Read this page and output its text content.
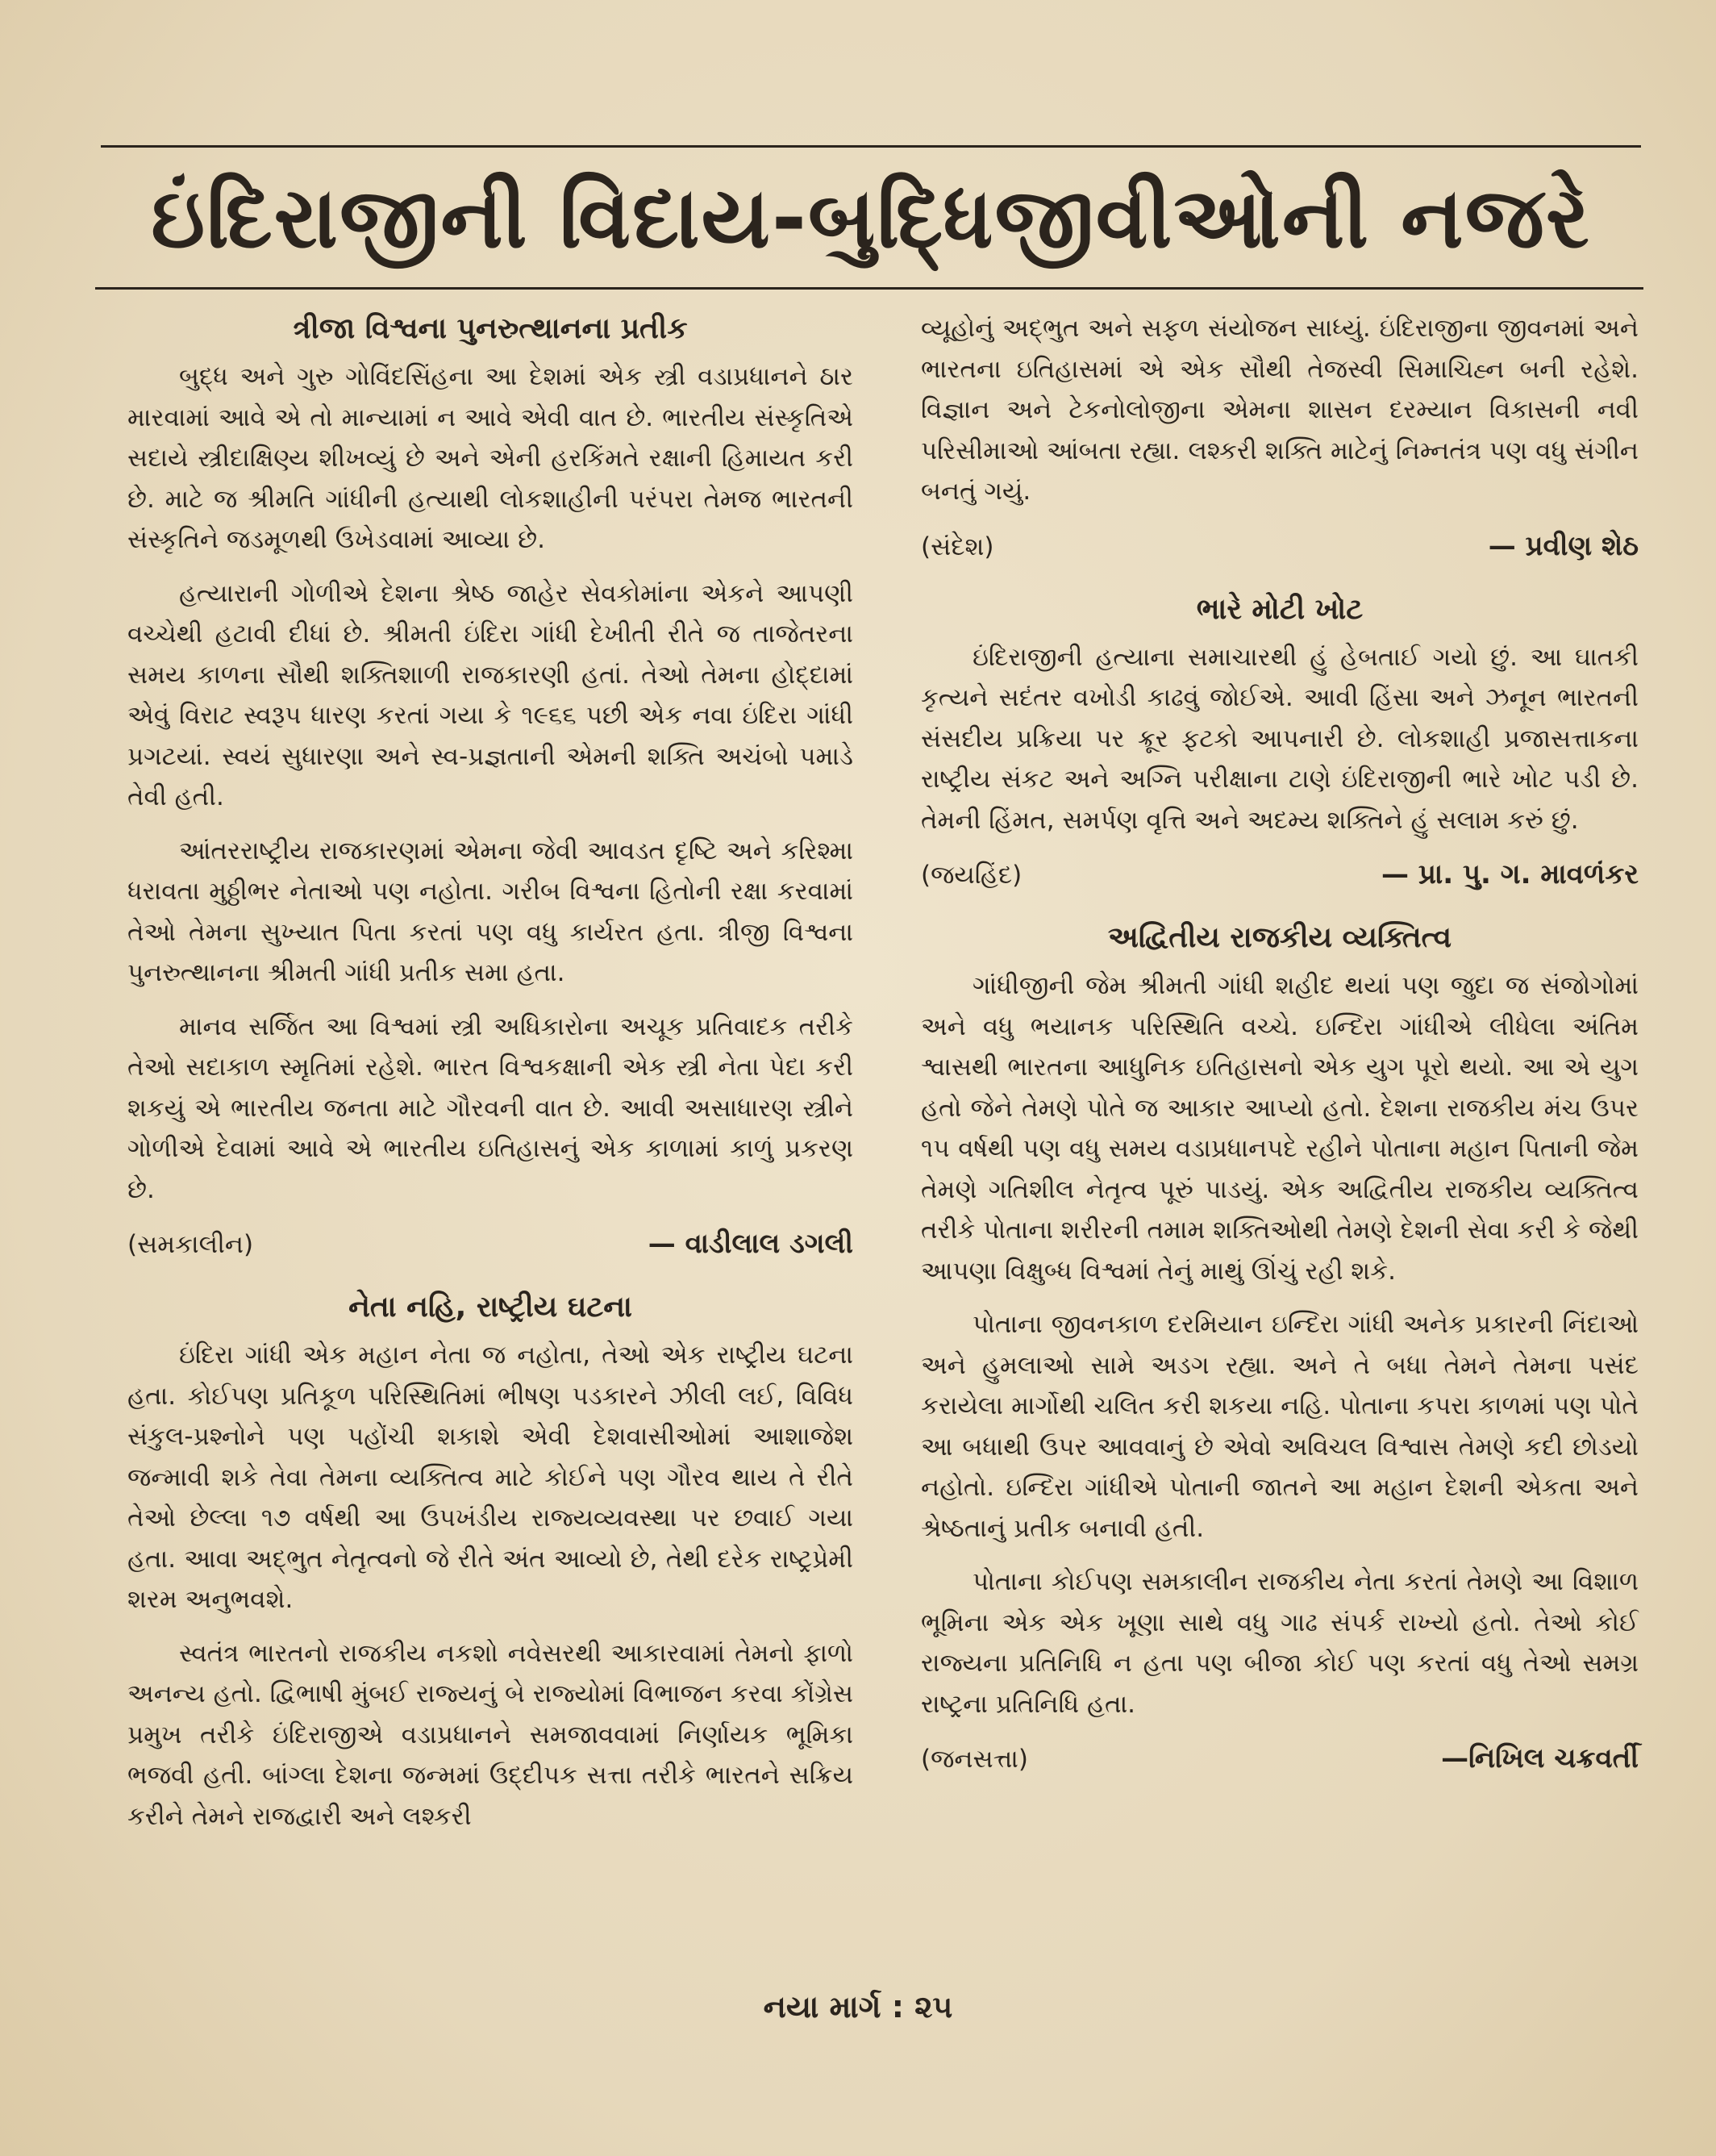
ઇંદિરાજીની વિદાય-બુદ્ધિજીવીઓની નજરે
ત્રીજા વિશ્વના પુનરુત્થાનના પ્રતીક

બુદ્ધ અને ગુરુ ગોવિંદસિંહના આ દેશમાં એક સ્ત્રી વડાપ્રધાનને ઠાર મારવામાં આવે એ તો માન્યામાં ન આવે એવી વાત છે. ભારતીય સંસ્કૃતિએ સદાયે સ્ત્રીદાક્ષિણ્ય શીખવ્યું છે અને એની હરકિંમતે રક્ષાની હિમાયત કરી છે. માટે જ શ્રીમતિ ગાંધીની હત્યાથી લોકશાહીની પરંપરા તેમજ ભારતની સંસ્કૃતિને જડમૂળથી ઉખેડવામાં આવ્યા છે.

હત્યારાની ગોળીએ દેશના શ્રેષ્ઠ જાહેર સેવકોમાંના એકને આપણી વચ્ચેથી હટાવી દીધાં છે. શ્રીમતી ઇંદિરા ગાંધી દેખીતી રીતે જ તાજેતરના સમય કાળના સૌથી શક્તિશાળી રાજકારણી હતાં. તેઓ તેમના હોદ્દામાં એવું વિરાટ સ્વરૂપ ધારણ કરતાં ગયા કે ૧૯૬૬ પછી એક નવા ઇંદિરા ગાંધી પ્રગટયાં. સ્વયં સુધારણા અને સ્વ-પ્રજ્ઞતાની એમની શક્તિ અચંબો પમાડે તેવી હતી.

આંતરરાષ્ટ્રીય રાજકારણમાં એમના જેવી આવડત દૃષ્ટિ અને કરિશ્મા ધરાવતા મુઠ્ઠીભર નેતાઓ પણ નહોતા. ગરીબ વિશ્વના હિતોની રક્ષા કરવામાં તેઓ તેમના સુખ્યાત પિતા કરતાં પણ વધુ કાર્યરત હતા. ત્રીજી વિશ્વના પુનરુત્થાનના શ્રીમતી ગાંધી પ્રતીક સમા હતા.

માનવ સર્જિત આ વિશ્વમાં સ્ત્રી અધિકારોના અચૂક પ્રતિવાદક તરીકે તેઓ સદાકાળ સ્મૃતિમાં રહેશે. ભારત વિશ્વકક્ષાની એક સ્ત્રી નેતા પેદા કરી શકયું એ ભારતીય જનતા માટે ગૌરવની વાત છે. આવી અસાધારણ સ્ત્રીને ગોળીએ દેવામાં આવે એ ભારતીય ઇતિહાસનું એક કાળામાં કાળું પ્રકરણ છે.

(સમકાલીન)	— વાડીલાલ ડગલી
નેતા નહિ, રાષ્ટ્રીય ઘટના

ઇંદિરા ગાંધી એક મહાન નેતા જ નહોતા, તેઓ એક રાષ્ટ્રીય ઘટના હતા. કોઈપણ પ્રતિકૂળ પરિસ્થિતિમાં ભીષણ પડકારને ઝીલી લઈ, વિવિધ સંકુલ-પ્રશ્નોને પણ પહોંચી શકાશે એવી દેશવાસીઓમાં આશાજેશ જન્માવી શકે તેવા તેમના વ્યક્તિત્વ માટે કોઈને પણ ગૌરવ થાય તે રીતે તેઓ છેલ્લા ૧૭ વર્ષથી આ ઉપખંડીય રાજ્યવ્યવસ્થા પર છવાઈ ગયા હતા. આવા અદ્ભુત નેતૃત્વનો જે રીતે અંત આવ્યો છે, તેથી દરેક રાષ્ટ્રપ્રેમી શરમ અનુભવશે.

સ્વતંત્ર ભારતનો રાજકીય નકશો નવેસરથી આકારવામાં તેમનો ફાળો અનન્ય હતો. દ્વિભાષી મુંબઈ રાજ્યનું બે રાજ્યોમાં વિભાજન કરવા કોંગ્રેસ પ્રમુખ તરીકે ઇંદિરાજીએ વડાપ્રધાનને સમજાવવામાં નિર્ણાયક ભૂમિકા ભજવી હતી. બાંગ્લા દેશના જન્મમાં ઉદ્દીપક સત્તા તરીકે ભારતને સક્રિય કરીને તેમને રાજદ્વારી અને લશ્કરી

વ્યૂહોનું અદ્ભુત અને સફળ સંયોજન સાધ્યું. ઇંદિરાજીના જીવનમાં અને ભારતના ઇતિહાસમાં એ એક સૌથી તેજસ્વી સિમાચિહ્ન બની રહેશે. વિજ્ઞાન અને ટેકનોલોજીના એમના શાસન દરમ્યાન વિકાસની નવી પરિસીમાઓ આંબતા રહ્યા. લશ્કરી શક્તિ માટેનું નિમ્નતંત્ર પણ વધુ સંગીન બનતું ગયું.

(સંદેશ)	— પ્રવીણ શેઠ
ભારે મોટી ખોટ

ઇંદિરાજીની હત્યાના સમાચારથી હું હેબતાઈ ગયો છું. આ ઘાતકી કૃત્યને સદંતર વખોડી કાઢવું જોઈએ. આવી હિંસા અને ઝનૂન ભારતની સંસદીય પ્રક્રિયા પર ક્રૂર ફટકો આપનારી છે. લોકશાહી પ્રજાસત્તાકના રાષ્ટ્રીય સંકટ અને અગ્નિ પરીક્ષાના ટાણે ઇંદિરાજીની ભારે ખોટ પડી છે. તેમની હિંમત, સમર્પણ વૃત્તિ અને અદમ્ય શક્તિને હું સલામ કરું છું.

(જયહિંદ)	— પ્રા. પુ. ગ. માવળંકર
અદ્વિતીય રાજકીય વ્યક્તિત્વ

ગાંધીજીની જેમ શ્રીમતી ગાંધી શહીદ થયાં પણ જુદા જ સંજોગોમાં અને વધુ ભયાનક પરિસ્થિતિ વચ્ચે. ઇન્દિરા ગાંધીએ લીધેલા અંતિમ શ્વાસથી ભારતના આધુનિક ઇતિહાસનો એક યુગ પૂરો થયો. આ એ યુગ હતો જેને તેમણે પોતે જ આકાર આપ્યો હતો. દેશના રાજકીય મંચ ઉપર ૧૫ વર્ષથી પણ વધુ સમય વડાપ્રધાનપદે રહીને પોતાના મહાન પિતાની જેમ તેમણે ગતિશીલ નેતૃત્વ પૂરું પાડયું. એક અદ્વિતીય રાજકીય વ્યક્તિત્વ તરીકે પોતાના શરીરની તમામ શક્તિઓથી તેમણે દેશની સેવા કરી કે જેથી આપણા વિક્ષુબ્ધ વિશ્વમાં તેનું માથું ઊંચું રહી શકે.

પોતાના જીવનકાળ દરમિયાન ઇન્દિરા ગાંધી અનેક પ્રકારની નિંદાઓ અને હુમલાઓ સામે અડગ રહ્યા. અને તે બધા તેમને તેમના પસંદ કરાયેલા માર્ગોથી ચલિત કરી શકયા નહિ. પોતાના કપરા કાળમાં પણ પોતે આ બધાથી ઉપર આવવાનું છે એવો અવિચલ વિશ્વાસ તેમણે કદી છોડયો નહોતો. ઇન્દિરા ગાંધીએ પોતાની જાતને આ મહાન દેશની એકતા અને શ્રેષ્ઠતાનું પ્રતીક બનાવી હતી.

પોતાના કોઈપણ સમકાલીન રાજકીય નેતા કરતાં તેમણે આ વિશાળ ભૂમિના એક એક ખૂણા સાથે વધુ ગાઢ સંપર્ક રાખ્યો હતો. તેઓ કોઈ રાજ્યના પ્રતિનિધિ ન હતા પણ બીજા કોઈ પણ કરતાં વધુ તેઓ સમગ્ર રાષ્ટ્રના પ્રતિનિધિ હતા.

(જનસત્તા)	—નિખિલ ચક્રવર્તી
નયા માર્ગ : ૨૫
